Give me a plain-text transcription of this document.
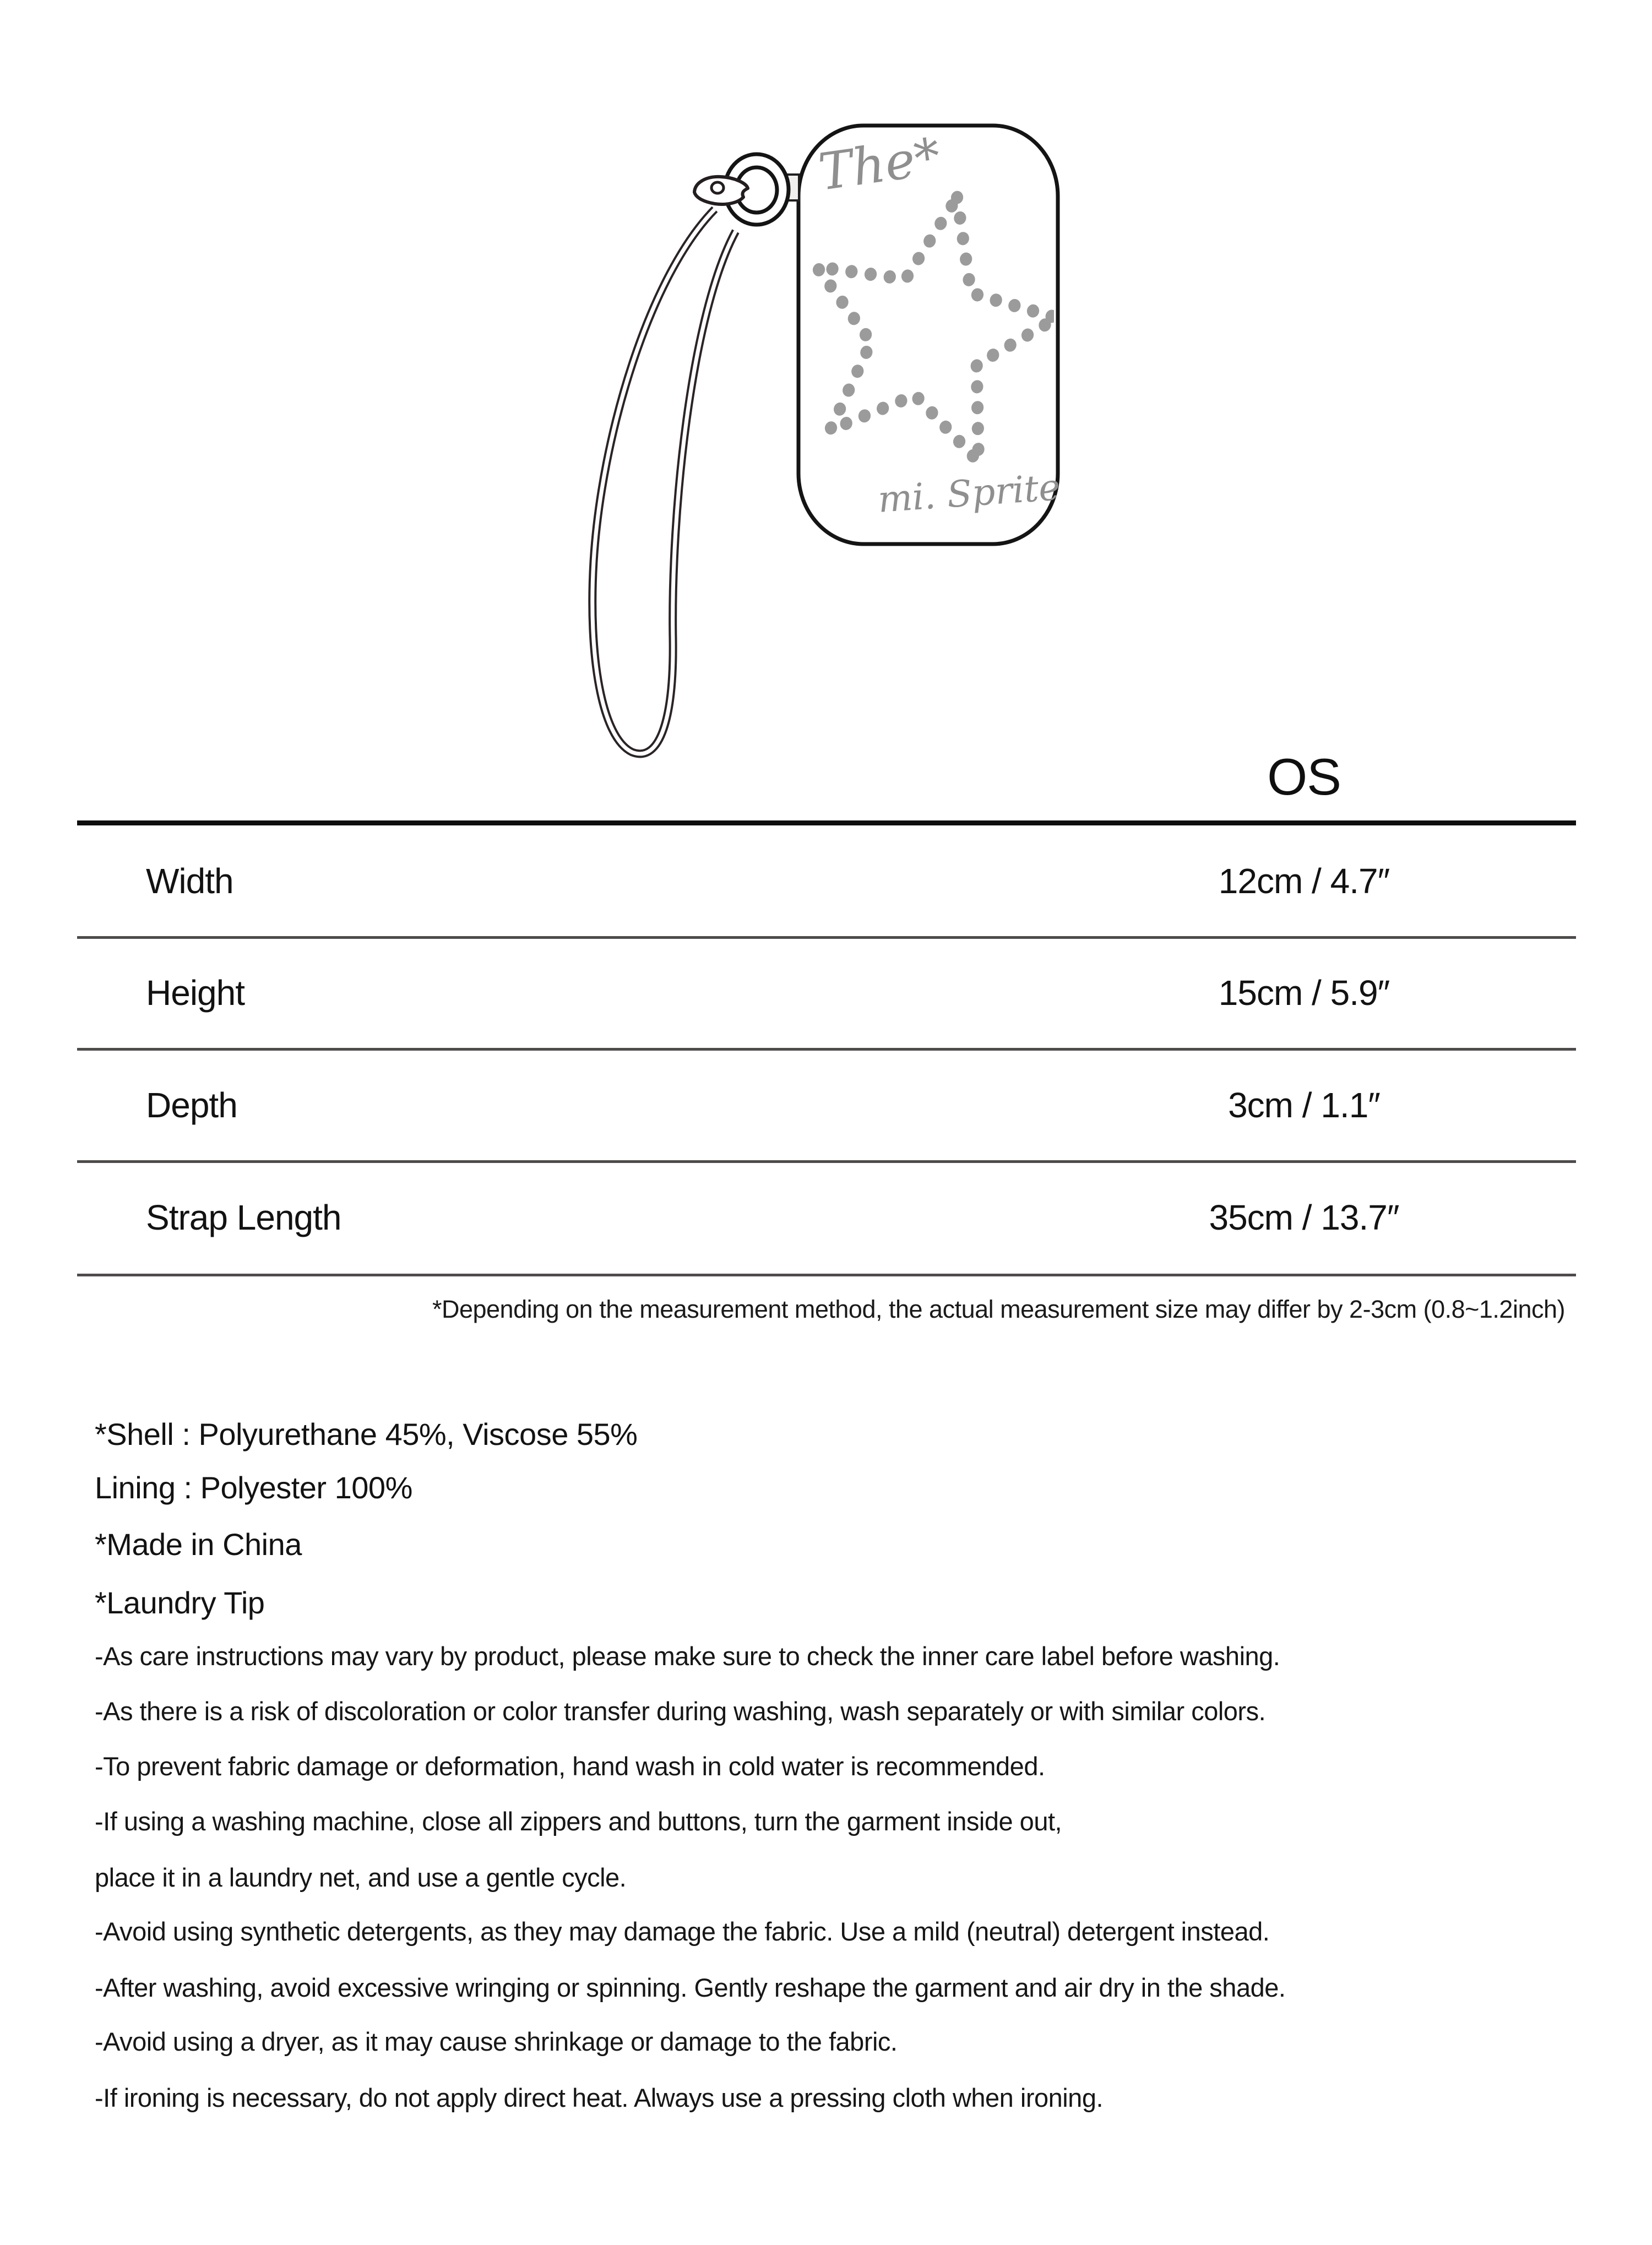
The*
mi. Sprite
OS
Width	12cm / 4.7″
Height	15cm / 5.9″
Depth	3cm / 1.1″
Strap Length	35cm / 13.7″
*Depending on the measurement method, the actual measurement size may differ by 2-3cm (0.8~1.2inch)
*Shell : Polyurethane 45%, Viscose 55%
Lining : Polyester 100%
*Made in China
*Laundry Tip
-As care instructions may vary by product, please make sure to check the inner care label before washing.
-As there is a risk of discoloration or color transfer during washing, wash separately or with similar colors.
-To prevent fabric damage or deformation, hand wash in cold water is recommended.
-If using a washing machine, close all zippers and buttons, turn the garment inside out,
place it in a laundry net, and use a gentle cycle.
-Avoid using synthetic detergents, as they may damage the fabric. Use a mild (neutral) detergent instead.
-After washing, avoid excessive wringing or spinning. Gently reshape the garment and air dry in the shade.
-Avoid using a dryer, as it may cause shrinkage or damage to the fabric.
-If ironing is necessary, do not apply direct heat. Always use a pressing cloth when ironing.
